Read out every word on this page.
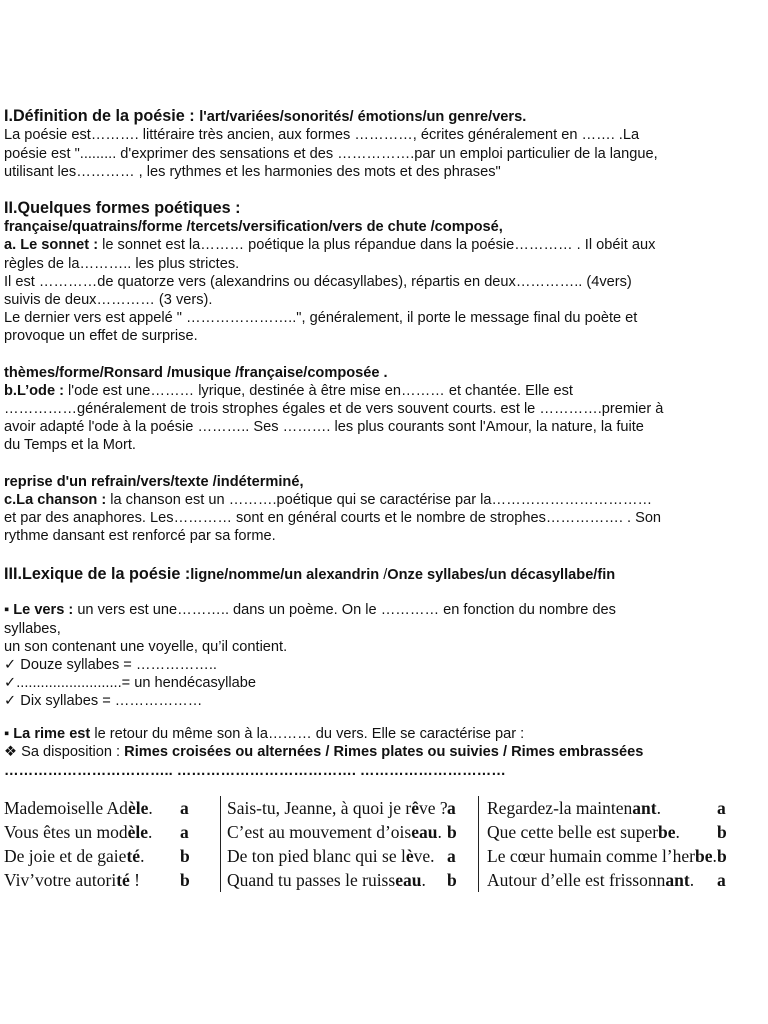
I.Définition de la poésie : l'art/variées/sonorités/ émotions/un genre/vers.
La poésie est………. littéraire très ancien, aux formes …………, écrites généralement en ……. .La
poésie est "......... d'exprimer des sensations et des …………….par un emploi particulier de la langue,
utilisant les………… , les rythmes et les harmonies des mots et des phrases"
II.Quelques formes poétiques :
française/quatrains/forme /tercets/versification/vers de chute /composé,
a. Le sonnet : le sonnet est la……… poétique la plus répandue dans la poésie………… . Il obéit aux
règles de la……….. les plus strictes.
Il est …………de quatorze vers (alexandrins ou décasyllabes), répartis en deux………….. (4vers)
suivis de deux………… (3 vers).
Le dernier vers est appelé " …………………..", généralement, il porte le message final du poète et
provoque un effet de surprise.
thèmes/forme/Ronsard /musique /française/composée .
b.L’ode : l'ode est une……… lyrique, destinée à être mise en……… et chantée. Elle est
……………généralement de trois strophes égales et de vers souvent courts. est le ………….premier à
avoir adapté l'ode à la poésie ……….. Ses ………. les plus courants sont l'Amour, la nature, la fuite
du Temps et la Mort.
reprise d'un refrain/vers/texte /indéterminé,
c.La chanson : la chanson est un ……….poétique qui se caractérise par la……………………………
et par des anaphores. Les………… sont en général courts et le nombre de strophes……………. . Son
rythme dansant est renforcé par sa forme.
III.Lexique de la poésie :ligne/nomme/un alexandrin /Onze syllabes/un décasyllabe/fin
▪ Le vers : un vers est une……….. dans un poème. On le ………… en fonction du nombre des
syllabes,
un son contenant une voyelle, qu’il contient.
✓ Douze syllabes = ……………..
✓..........................= un hendécasyllabe
✓ Dix syllabes = ………………
▪ La rime est le retour du même son à la……… du vers. Elle se caractérise par :
❖ Sa disposition : Rimes croisées ou alternées / Rimes plates ou suivies / Rimes embrassées
…………………………….. ………………………………. …………………………
Mademoiselle Adèle. a	Sais-tu, Jeanne, à quoi je rêve ?a	Regardez-la maintenant. a
Vous êtes un modèle. a	C’est au mouvement d’oiseau. b	Que cette belle est superbe. b
De joie et de gaieté. b	De ton pied blanc qui se lève. a	Le cœur humain comme l’herbe.b
Viv’votre autorité ! b	Quand tu passes le ruisseau. b	Autour d’elle est frissonnant. a
